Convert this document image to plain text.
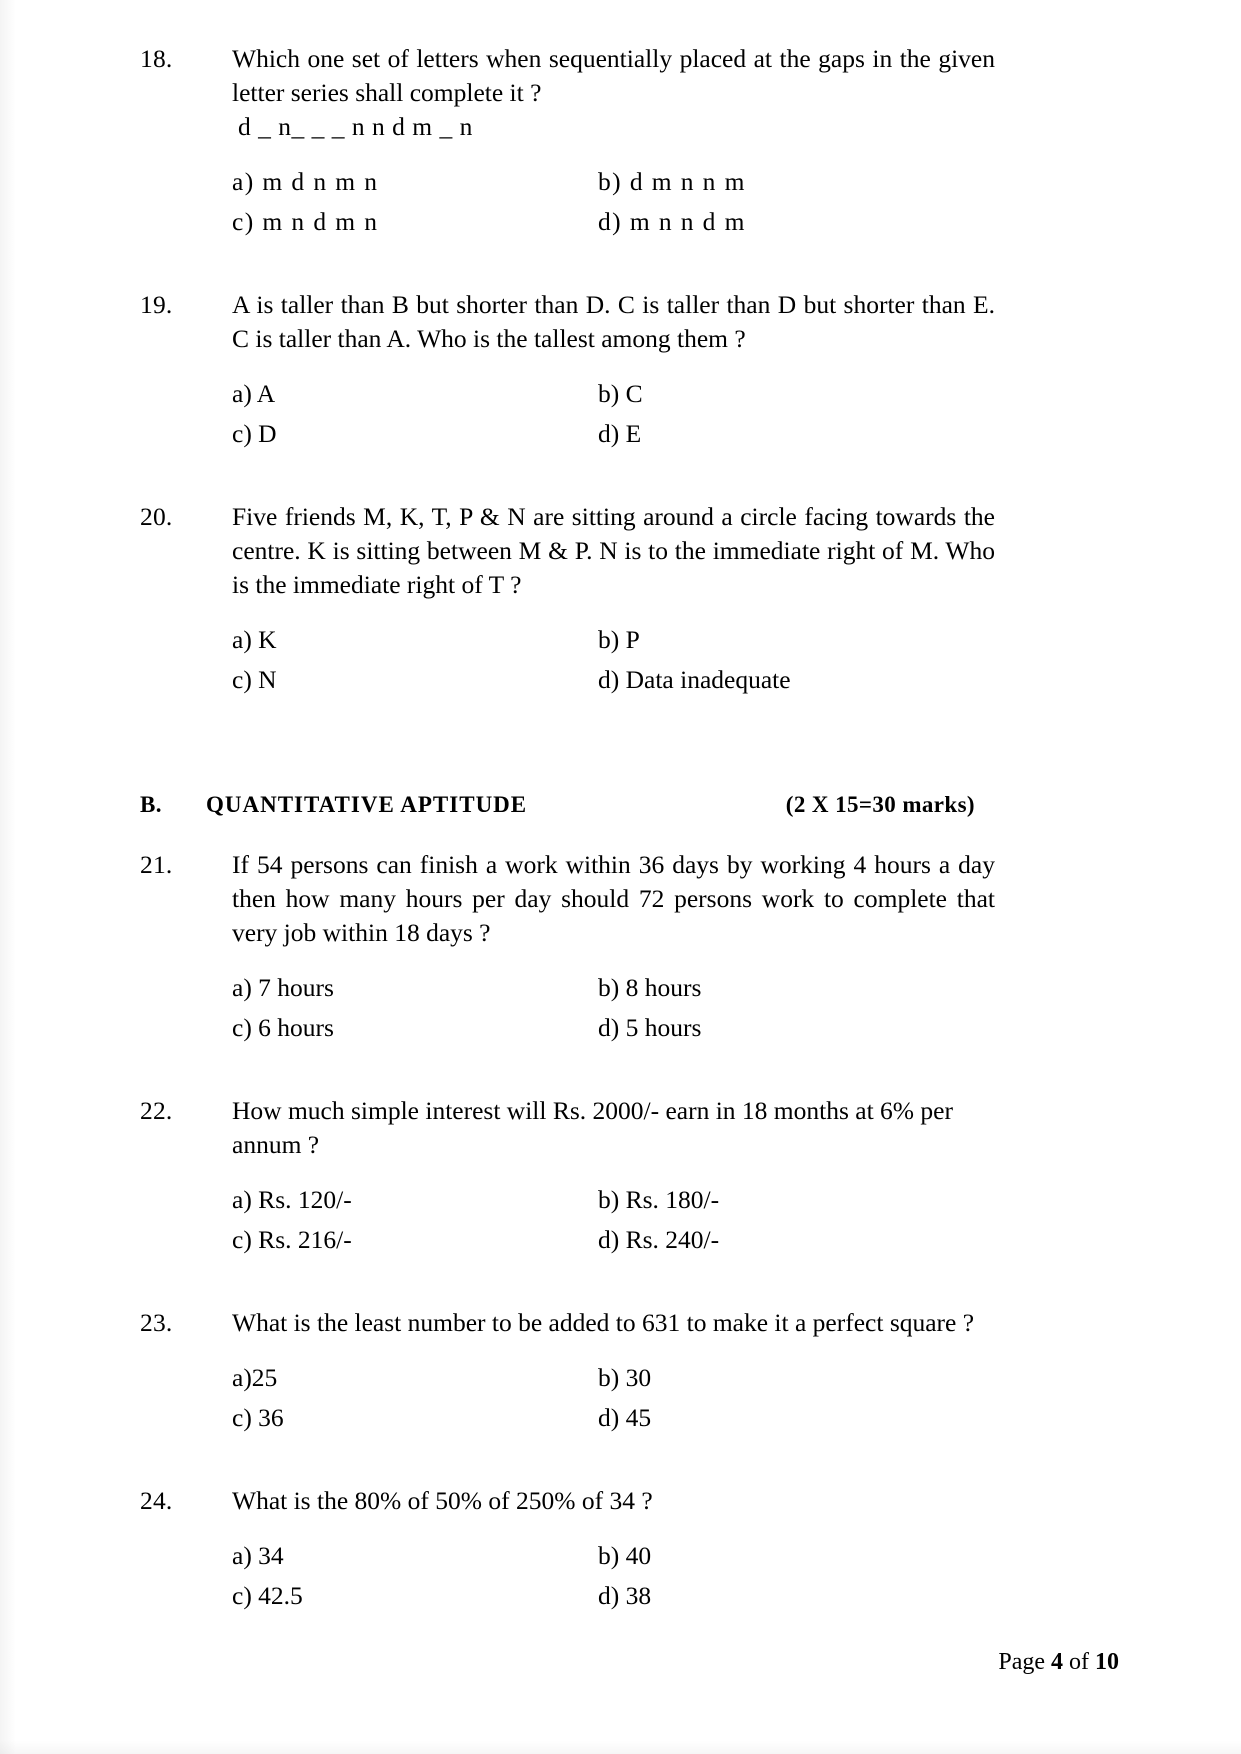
18.	Which one set of letters when sequentially placed at the gaps in the given letter series shall complete it ?
d _ n_ _ _ n n d m _ n
a) m d n m n	b) d m n n m
c) m n d m n	d) m n n d m
19.	A is taller than B but shorter than D. C is taller than D but shorter than E. C is taller than A. Who is the tallest among them ?
a) A	b) C
c) D	d) E
20.	Five friends M, K, T, P & N are sitting around a circle facing towards the centre. K is sitting between M & P. N is to the immediate right of M. Who is the immediate right of T ?
a) K	b) P
c) N	d) Data inadequate
B.	QUANTITATIVE APTITUDE	(2 X 15=30 marks)
21.	If 54 persons can finish a work within 36 days by working 4 hours a day then how many hours per day should 72 persons work to complete that very job within 18 days ?
a) 7 hours	b) 8 hours
c) 6 hours	d) 5 hours
22.	How much simple interest will Rs. 2000/- earn in 18 months at 6% per annum ?
a) Rs. 120/-	b) Rs. 180/-
c) Rs. 216/-	d) Rs. 240/-
23.	What is the least number to be added to 631 to make it a perfect square ?
a)25	b) 30
c) 36	d) 45
24.	What is the 80% of 50% of 250% of 34 ?
a) 34	b) 40
c) 42.5	d) 38
Page 4 of 10
